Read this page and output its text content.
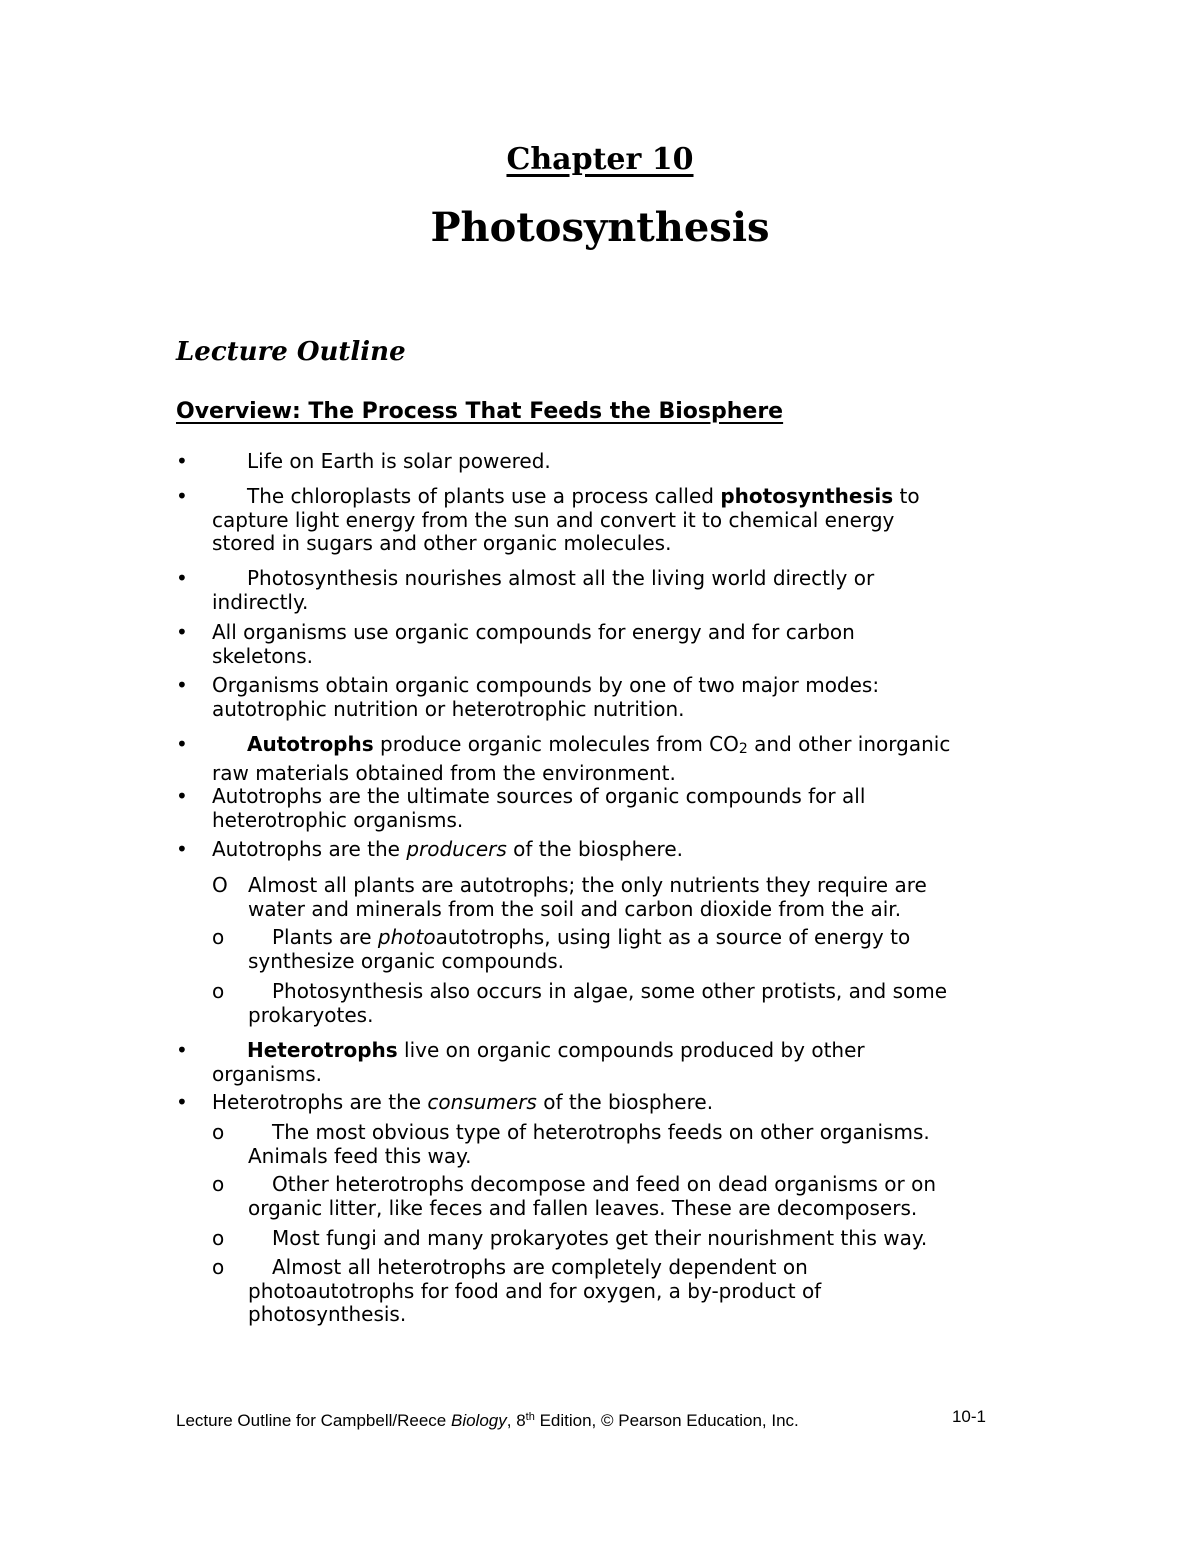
Chapter 10
Photosynthesis
Lecture Outline
Overview: The Process That Feeds the Biosphere
•	Life on Earth is solar powered.
•	The chloroplasts of plants use a process called photosynthesis to
capture light energy from the sun and convert it to chemical energy
stored in sugars and other organic molecules.
•	Photosynthesis nourishes almost all the living world directly or
indirectly.
•	All organisms use organic compounds for energy and for carbon
skeletons.
•	Organisms obtain organic compounds by one of two major modes:
autotrophic nutrition or heterotrophic nutrition.
•	Autotrophs produce organic molecules from $CO_2$ and other inorganic
raw materials obtained from the environment.
•	Autotrophs are the ultimate sources of organic compounds for all
heterotrophic organisms.
•	Autotrophs are the producers of the biosphere.
O Almost all plants are autotrophs; the only nutrients they require are
water and minerals from the soil and carbon dioxide from the air.
o	Plants are photoautotrophs, using light as a source of energy to
synthesize organic compounds.
o	Photosynthesis also occurs in algae, some other protists, and some
prokaryotes.
•	Heterotrophs live on organic compounds produced by other
organisms.
•	Heterotrophs are the consumers of the biosphere.
o	The most obvious type of heterotrophs feeds on other organisms.
Animals feed this way.
o	Other heterotrophs decompose and feed on dead organisms or on
organic litter, like feces and fallen leaves. These are decomposers.
o	Most fungi and many prokaryotes get their nourishment this way.
o	Almost all heterotrophs are completely dependent on
photoautotrophs for food and for oxygen, a by-product of
photosynthesis.
Lecture Outline for Campbell/Reece Biology, 8th Edition, © Pearson Education, Inc.	10-1
